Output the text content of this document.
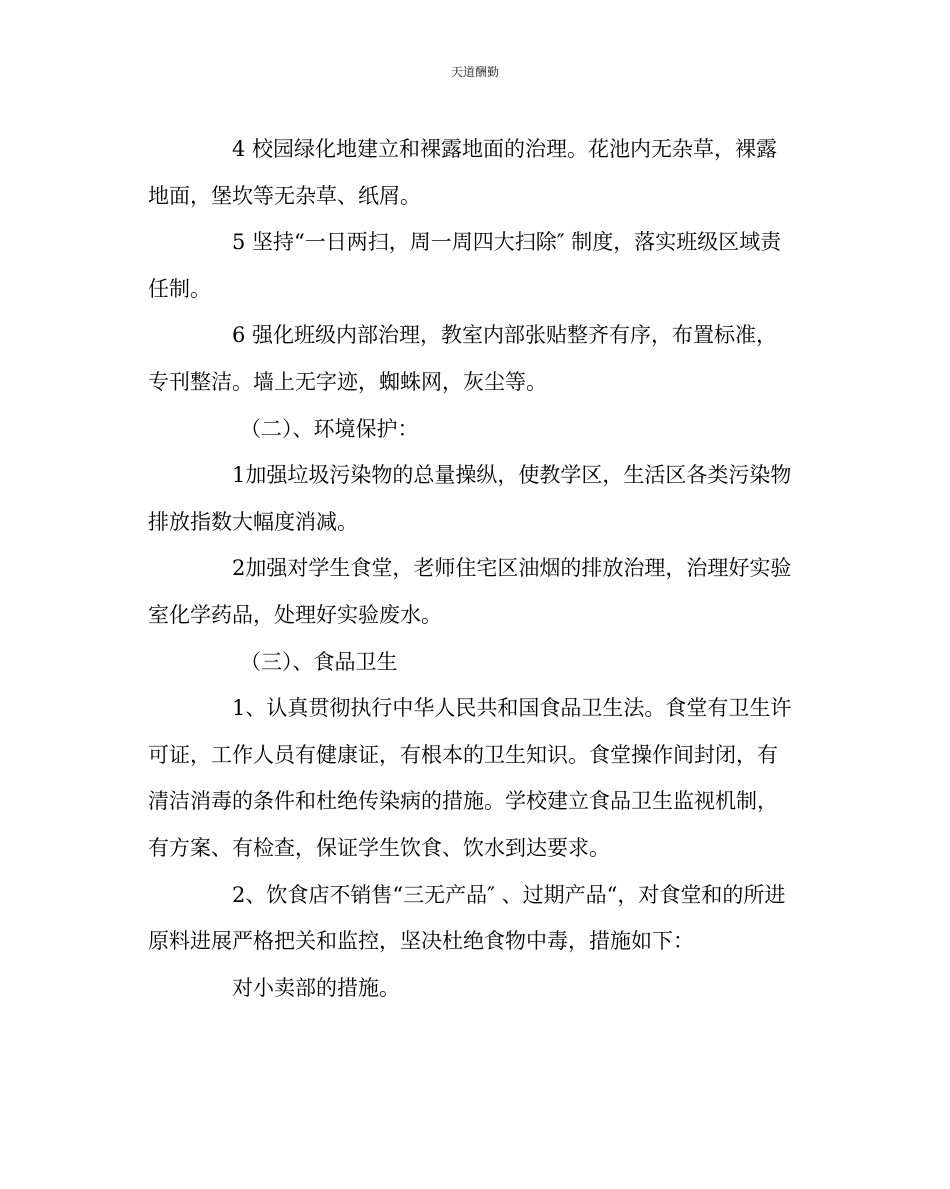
天道酬勤

4 校园绿化地建立和裸露地面的治理。花池内无杂草，裸露地面，堡坎等无杂草、纸屑。

5 坚持“一日两扫，周一周四大扫除″ 制度，落实班级区域责任制。

6 强化班级内部治理，教室内部张贴整齐有序，布置标准，专刊整洁。墙上无字迹，蜘蛛网，灰尘等。

（二）、环境保护：

1加强垃圾污染物的总量操纵，使教学区，生活区各类污染物排放指数大幅度消减。

2加强对学生食堂，老师住宅区油烟的排放治理，治理好实验室化学药品，处理好实验废水。

（三）、食品卫生

1、认真贯彻执行中华人民共和国食品卫生法。食堂有卫生许可证，工作人员有健康证，有根本的卫生知识。食堂操作间封闭，有清洁消毒的条件和杜绝传染病的措施。学校建立食品卫生监视机制，有方案、有检查，保证学生饮食、饮水到达要求。

2、饮食店不销售“三无产品″ 、过期产品“，对食堂和的所进原料进展严格把关和监控，坚决杜绝食物中毒，措施如下：

对小卖部的措施。
